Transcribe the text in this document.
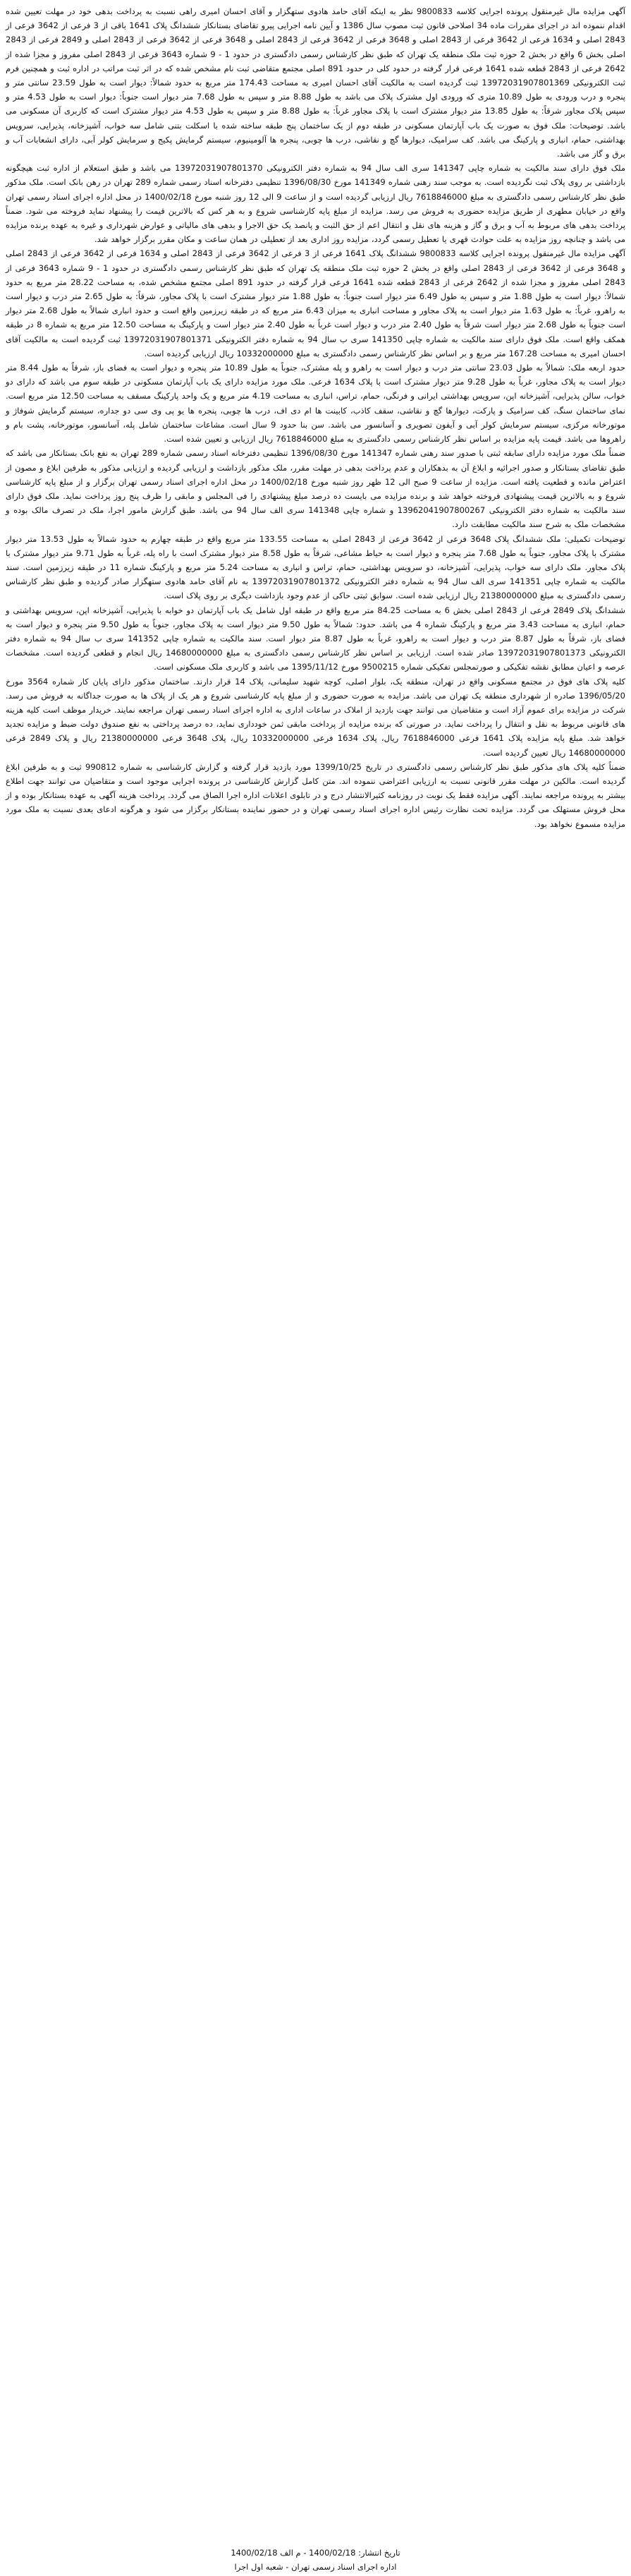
آگهی مزایده مال غیرمنقول پرونده اجرایی کلاسه 9800833 نظر به اینکه آقای حامد هادوی ستهگزار و آقای احسان امیری راهی نسبت به پرداخت بدهی خود در مهلت تعیین شده اقدام ننموده اند در اجرای مقررات ماده 34 اصلاحی قانون ثبت مصوب سال 1386 و آیین نامه اجرایی پیرو تقاضای بستانکار ششدانگ پلاک 1641 باقی از 3 فرعی از 3642 فرعی از 2843 اصلی و 1634 فرعی از 3642 فرعی از 2843 اصلی و 3648 فرعی از 3642 فرعی از 2843 اصلی و 3648 فرعی از 3642 فرعی از 2843 اصلی و 2849 فرعی از 2843 اصلی بخش 6 واقع در بخش 2 حوزه ثبت ملک منطقه یک تهران که طبق نظر کارشناس رسمی دادگستری در حدود 1 - 9 شماره 3643 فرعی از 2843 اصلی مفروز و مجزا شده از 2642 فرعی از 2843 قطعه شده 1641 فرعی قرار گرفته در حدود کلی در حدود 891 اصلی مجتمع متقاضی ثبت نام مشخص شده که در اثر ثبت مراتب در اداره ثبت و همچنین فرم ثبت الکترونیکی 13972031907801369 ثبت گردیده است به مالکیت آقای احسان امیری به مساحت 174.43 متر مربع به حدود شمالاً: دیوار است به طول 23.59 سانتی متر و پنجره و درب ورودی به طول 10.89 متری که ورودی اول مشترک پلاک می باشد به طول 8.88 متر و سپس به طول 7.68 متر دیوار است جنوباً: دیوار است به طول 4.53 متر و سپس پلاک مجاور شرقاً: به طول 13.85 متر دیوار مشترک است با پلاک مجاور غرباً: به طول 8.88 متر و سپس به طول 4.53 متر دیوار مشترک است که کاربری آن مسکونی می باشد. توضیحات: ملک فوق به صورت یک باب آپارتمان مسکونی در طبقه دوم از یک ساختمان پنج طبقه ساخته شده با اسکلت بتنی شامل سه خواب، آشپزخانه، پذیرایی، سرویس بهداشتی، حمام، انباری و پارکینگ می باشد. کف سرامیک، دیوارها گچ و نقاشی، درب ها چوبی، پنجره ها آلومینیوم، سیستم گرمایش پکیج و سرمایش کولر آبی، دارای انشعابات آب و برق و گاز می باشد.

ملک فوق دارای سند مالکیت به شماره چاپی 141347 سری الف سال 94 به شماره دفتر الکترونیکی 13972031907801370 می باشد و طبق استعلام از اداره ثبت هیچگونه بازداشتی بر روی پلاک ثبت نگردیده است. به موجب سند رهنی شماره 141349 مورخ 1396/08/30 تنظیمی دفترخانه اسناد رسمی شماره 289 تهران در رهن بانک است. ملک مذکور طبق نظر کارشناس رسمی دادگستری به مبلغ 7618846000 ریال ارزیابی گردیده است و از ساعت 9 الی 12 روز شنبه مورخ 1400/02/18 در محل اداره اجرای اسناد رسمی تهران واقع در خیابان مطهری از طریق مزایده حضوری به فروش می رسد. مزایده از مبلغ پایه کارشناسی شروع و به هر کس که بالاترین قیمت را پیشنهاد نماید فروخته می شود. ضمناً پرداخت بدهی های مربوط به آب و برق و گاز و هزینه های نقل و انتقال اعم از حق الثبت و پانصد یک حق الاجرا و بدهی های مالیاتی و عوارض شهرداری و غیره به عهده برنده مزایده می باشد و چنانچه روز مزایده به علت حوادث قهری یا تعطیل رسمی گردد، مزایده روز اداری بعد از تعطیلی در همان ساعت و مکان مقرر برگزار خواهد شد.

آگهی مزایده مال غیرمنقول پرونده اجرایی کلاسه 9800833 ششدانگ پلاک 1641 فرعی از 3 فرعی از 3642 فرعی از 2843 اصلی و 1634 فرعی از 3642 فرعی از 2843 اصلی و 3648 فرعی از 3642 فرعی از 2843 اصلی واقع در بخش 2 حوزه ثبت ملک منطقه یک تهران که طبق نظر کارشناس رسمی دادگستری در حدود 1 - 9 شماره 3643 فرعی از 2843 اصلی مفروز و مجزا شده از 2642 فرعی از 2843 قطعه شده 1641 فرعی قرار گرفته در حدود 891 اصلی مجتمع مشخص شده، به مساحت 28.22 متر مربع به حدود شمالاً: دیوار است به طول 1.88 متر و سپس به طول 6.49 متر دیوار است جنوباً: به طول 1.88 متر دیوار مشترک است با پلاک مجاور، شرقاً: به طول 2.65 متر درب و دیوار است به راهرو، غرباً: به طول 1.63 متر دیوار است به پلاک مجاور و مساحت انباری به میزان 6.43 متر مربع که در طبقه زیرزمین واقع است و حدود انباری شمالاً به طول 2.68 متر دیوار است جنوباً به طول 2.68 متر دیوار است شرقاً به طول 2.40 متر درب و دیوار است غرباً به طول 2.40 متر دیوار است و پارکینگ به مساحت 12.50 متر مربع به شماره 8 در طبقه همکف واقع است. ملک فوق دارای سند مالکیت به شماره چاپی 141350 سری ب سال 94 به شماره دفتر الکترونیکی 13972031907801371 ثبت گردیده است به مالکیت آقای احسان امیری به مساحت 167.28 متر مربع و بر اساس نظر کارشناس رسمی دادگستری به مبلغ 10332000000 ریال ارزیابی گردیده است.

حدود اربعه ملک: شمالاً به طول 23.03 سانتی متر درب و دیوار است به راهرو و پله مشترک، جنوباً به طول 10.89 متر پنجره و دیوار است به فضای باز، شرقاً به طول 8.44 متر دیوار است به پلاک مجاور، غرباً به طول 9.28 متر دیوار مشترک است با پلاک 1634 فرعی. ملک مورد مزایده دارای یک باب آپارتمان مسکونی در طبقه سوم می باشد که دارای دو خواب، سالن پذیرایی، آشپزخانه اپن، سرویس بهداشتی ایرانی و فرنگی، حمام، تراس، انباری به مساحت 4.19 متر مربع و یک واحد پارکینگ مسقف به مساحت 12.50 متر مربع است. نمای ساختمان سنگ، کف سرامیک و پارکت، دیوارها گچ و نقاشی، سقف کاذب، کابینت ها ام دی اف، درب ها چوبی، پنجره ها یو پی وی سی دو جداره، سیستم گرمایش شوفاژ و موتورخانه مرکزی، سیستم سرمایش کولر آبی و آیفون تصویری و آسانسور می باشد. سن بنا حدود 9 سال است. مشاعات ساختمان شامل پله، آسانسور، موتورخانه، پشت بام و راهروها می باشد. قیمت پایه مزایده بر اساس نظر کارشناس رسمی دادگستری به مبلغ 7618846000 ریال ارزیابی و تعیین شده است.

ضمناً ملک مورد مزایده دارای سابقه ثبتی با صدور سند رهنی شماره 141347 مورخ 1396/08/30 تنظیمی دفترخانه اسناد رسمی شماره 289 تهران به نفع بانک بستانکار می باشد که طبق تقاضای بستانکار و صدور اجرائیه و ابلاغ آن به بدهکاران و عدم پرداخت بدهی در مهلت مقرر، ملک مذکور بازداشت و ارزیابی گردیده و ارزیابی مذکور به طرفین ابلاغ و مصون از اعتراض مانده و قطعیت یافته است. مزایده از ساعت 9 صبح الی 12 ظهر روز شنبه مورخ 1400/02/18 در محل اداره اجرای اسناد رسمی تهران برگزار و از مبلغ پایه کارشناسی شروع و به بالاترین قیمت پیشنهادی فروخته خواهد شد و برنده مزایده می بایست ده درصد مبلغ پیشنهادی را فی المجلس و مابقی را ظرف پنج روز پرداخت نماید. ملک فوق دارای سند مالکیت به شماره دفتر الکترونیکی 13962041907800267 و شماره چاپی 141348 سری الف سال 94 می باشد. طبق گزارش مامور اجرا، ملک در تصرف مالک بوده و مشخصات ملک به شرح سند مالکیت مطابقت دارد.

توضیحات تکمیلی: ملک ششدانگ پلاک 3648 فرعی از 3642 فرعی از 2843 اصلی به مساحت 133.55 متر مربع واقع در طبقه چهارم به حدود شمالاً به طول 13.53 متر دیوار مشترک با پلاک مجاور، جنوباً به طول 7.68 متر پنجره و دیوار است به حیاط مشاعی، شرقاً به طول 8.58 متر دیوار مشترک است با راه پله، غرباً به طول 9.71 متر دیوار مشترک با پلاک مجاور. ملک دارای سه خواب، پذیرایی، آشپزخانه، دو سرویس بهداشتی، حمام، تراس و انباری به مساحت 5.24 متر مربع و پارکینگ شماره 11 در طبقه زیرزمین است. سند مالکیت به شماره چاپی 141351 سری الف سال 94 به شماره دفتر الکترونیکی 13972031907801372 به نام آقای حامد هادوی ستهگزار صادر گردیده و طبق نظر کارشناس رسمی دادگستری به مبلغ 21380000000 ریال ارزیابی شده است. سوابق ثبتی حاکی از عدم وجود بازداشت دیگری بر روی پلاک است.

ششدانگ پلاک 2849 فرعی از 2843 اصلی بخش 6 به مساحت 84.25 متر مربع واقع در طبقه اول شامل یک باب آپارتمان دو خوابه با پذیرایی، آشپزخانه اپن، سرویس بهداشتی و حمام، انباری به مساحت 3.43 متر مربع و پارکینگ شماره 4 می باشد. حدود: شمالاً به طول 9.50 متر دیوار است به پلاک مجاور، جنوباً به طول 9.50 متر پنجره و دیوار است به فضای باز، شرقاً به طول 8.87 متر درب و دیوار است به راهرو، غرباً به طول 8.87 متر دیوار است. سند مالکیت به شماره چاپی 141352 سری ب سال 94 به شماره دفتر الکترونیکی 13972031907801373 صادر شده است. ارزیابی بر اساس نظر کارشناس رسمی دادگستری به مبلغ 14680000000 ریال انجام و قطعی گردیده است. مشخصات عرصه و اعیان مطابق نقشه تفکیکی و صورتمجلس تفکیکی شماره 9500215 مورخ 1395/11/12 می باشد و کاربری ملک مسکونی است.

کلیه پلاک های فوق در مجتمع مسکونی واقع در تهران، منطقه یک، بلوار اصلی، کوچه شهید سلیمانی، پلاک 14 قرار دارند. ساختمان مذکور دارای پایان کار شماره 3564 مورخ 1396/05/20 صادره از شهرداری منطقه یک تهران می باشد. مزایده به صورت حضوری و از مبلغ پایه کارشناسی شروع و هر یک از پلاک ها به صورت جداگانه به فروش می رسد. شرکت در مزایده برای عموم آزاد است و متقاضیان می توانند جهت بازدید از املاک در ساعات اداری به اداره اجرای اسناد رسمی تهران مراجعه نمایند. خریدار موظف است کلیه هزینه های قانونی مربوط به نقل و انتقال را پرداخت نماید. در صورتی که برنده مزایده از پرداخت مابقی ثمن خودداری نماید، ده درصد پرداختی به نفع صندوق دولت ضبط و مزایده تجدید خواهد شد. مبلغ پایه مزایده پلاک 1641 فرعی 7618846000 ریال، پلاک 1634 فرعی 10332000000 ریال، پلاک 3648 فرعی 21380000000 ریال و پلاک 2849 فرعی 14680000000 ریال تعیین گردیده است.

ضمناً کلیه پلاک های مذکور طبق نظر کارشناس رسمی دادگستری در تاریخ 1399/10/25 مورد بازدید قرار گرفته و گزارش کارشناسی به شماره 990812 ثبت و به طرفین ابلاغ گردیده است. مالکین در مهلت مقرر قانونی نسبت به ارزیابی اعتراضی ننموده اند. متن کامل گزارش کارشناسی در پرونده اجرایی موجود است و متقاضیان می توانند جهت اطلاع بیشتر به پرونده مراجعه نمایند. آگهی مزایده فقط یک نوبت در روزنامه کثیرالانتشار درج و در تابلوی اعلانات اداره اجرا الصاق می گردد. پرداخت هزینه آگهی به عهده بستانکار بوده و از محل فروش مستهلک می گردد. مزایده تحت نظارت رئیس اداره اجرای اسناد رسمی تهران و در حضور نماینده بستانکار برگزار می شود و هرگونه ادعای بعدی نسبت به ملک مورد مزایده مسموع نخواهد بود.

تاریخ انتشار: 1400/02/18 - م الف 1400/02/18
اداره اجرای اسناد رسمی تهران - شعبه اول اجرا
